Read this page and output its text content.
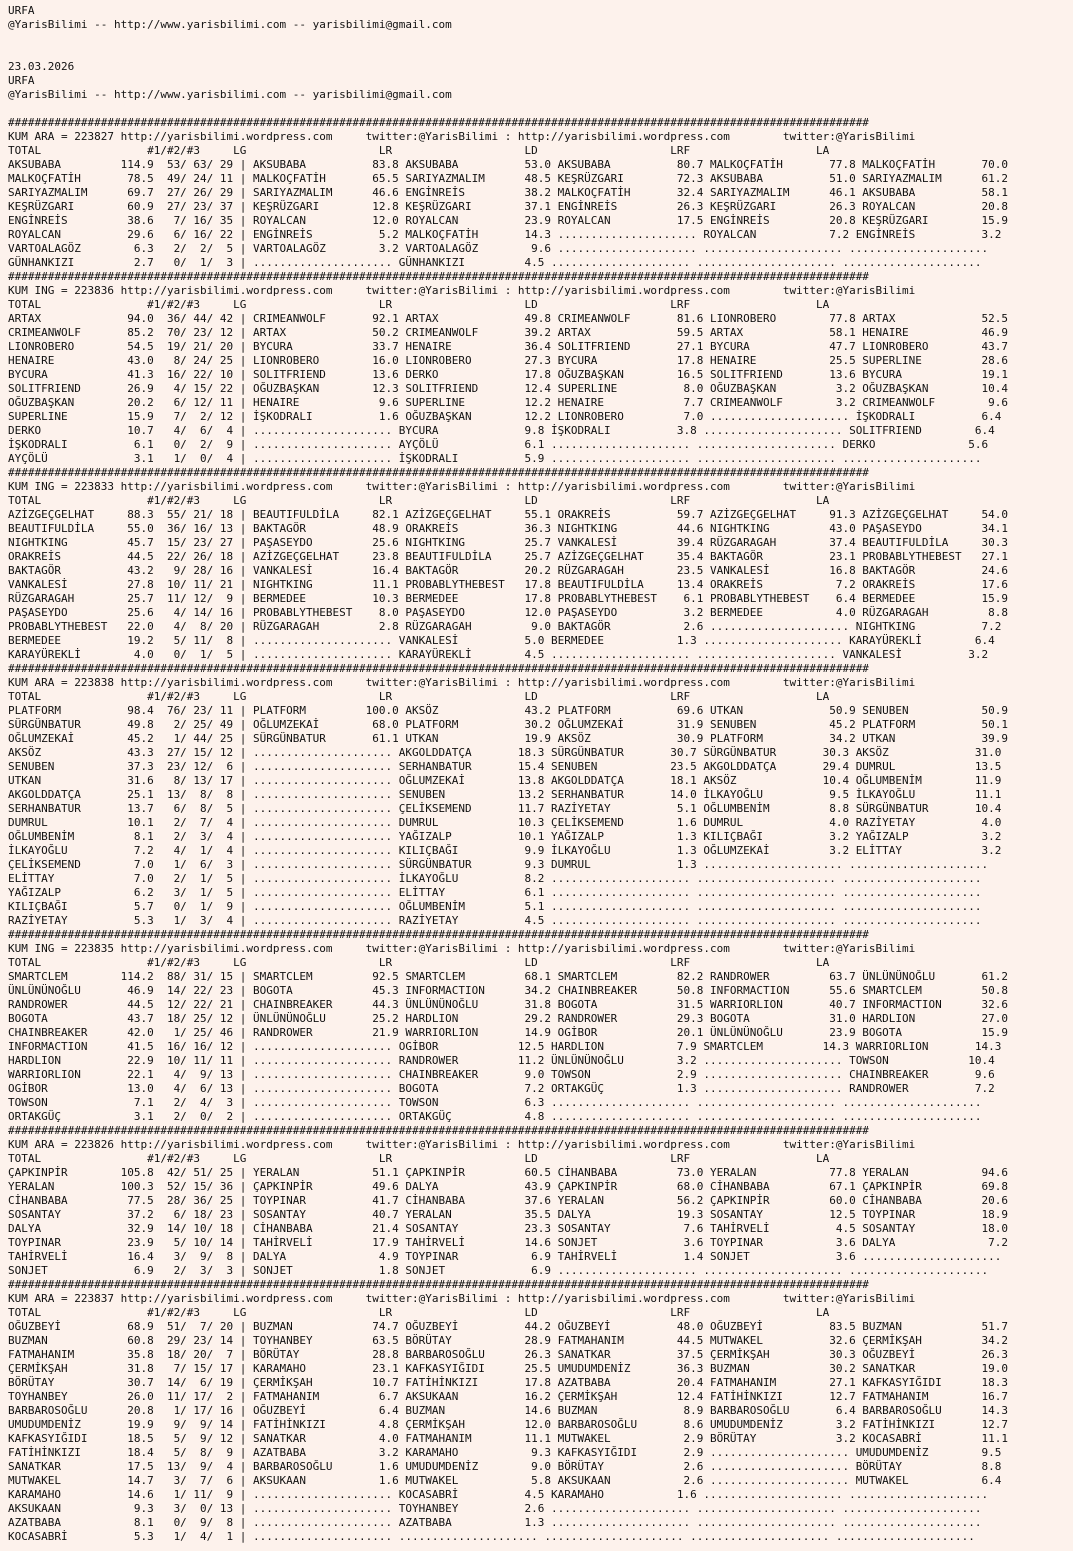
URFA
@YarisBilimi -- http://www.yarisbilimi.com -- yarisbilimi@gmail.com

23.03.2026
URFA
@YarisBilimi -- http://www.yarisbilimi.com -- yarisbilimi@gmail.com

##################################################################################################################################
KUM ARA = 223827 http://yarisbilimi.wordpress.com     twitter:@YarisBilimi : http://yarisbilimi.wordpress.com        twitter:@YarisBilimi
TOTAL                #1/#2/#3     LG                    LR                    LD                    LRF                   LA
AKSUBABA         114.9  53/ 63/ 29 | AKSUBABA          83.8 AKSUBABA          53.0 AKSUBABA          80.7 MALKOÇFATİH       77.8 MALKOÇFATİH       70.0
MALKOÇFATİH       78.5  49/ 24/ 11 | MALKOÇFATİH       65.5 SARIYAZMALIM      48.5 KEŞRÜZGARI        72.3 AKSUBABA          51.0 SARIYAZMALIM      61.2
SARIYAZMALIM      69.7  27/ 26/ 29 | SARIYAZMALIM      46.6 ENGİNREİS         38.2 MALKOÇFATİH       32.4 SARIYAZMALIM      46.1 AKSUBABA          58.1
KEŞRÜZGARI        60.9  27/ 23/ 37 | KEŞRÜZGARI        12.8 KEŞRÜZGARI        37.1 ENGİNREİS         26.3 KEŞRÜZGARI        26.3 ROYALCAN          20.8
ENGİNREİS         38.6   7/ 16/ 35 | ROYALCAN          12.0 ROYALCAN          23.9 ROYALCAN          17.5 ENGİNREİS         20.8 KEŞRÜZGARI        15.9
ROYALCAN          29.6   6/ 16/ 22 | ENGİNREİS          5.2 MALKOÇFATİH       14.3 ..................... ROYALCAN           7.2 ENGİNREİS          3.2
VARTOALAGÖZ        6.3   2/  2/  5 | VARTOALAGÖZ        3.2 VARTOALAGÖZ        9.6 ..................... ..................... .....................
GÜNHANKIZI         2.7   0/  1/  3 | ..................... GÜNHANKIZI         4.5 ..................... ..................... .....................
##################################################################################################################################
KUM ING = 223836 http://yarisbilimi.wordpress.com     twitter:@YarisBilimi : http://yarisbilimi.wordpress.com        twitter:@YarisBilimi
TOTAL                #1/#2/#3     LG                    LR                    LD                    LRF                   LA
ARTAX             94.0  36/ 44/ 42 | CRIMEANWOLF       92.1 ARTAX             49.8 CRIMEANWOLF       81.6 LIONROBERO        77.8 ARTAX             52.5
CRIMEANWOLF       85.2  70/ 23/ 12 | ARTAX             50.2 CRIMEANWOLF       39.2 ARTAX             59.5 ARTAX             58.1 HENAIRE           46.9
LIONROBERO        54.5  19/ 21/ 20 | BYCURA            33.7 HENAIRE           36.4 SOLITFRIEND       27.1 BYCURA            47.7 LIONROBERO        43.7
HENAIRE           43.0   8/ 24/ 25 | LIONROBERO        16.0 LIONROBERO        27.3 BYCURA            17.8 HENAIRE           25.5 SUPERLINE         28.6
BYCURA            41.3  16/ 22/ 10 | SOLITFRIEND       13.6 DERKO             17.8 OĞUZBAŞKAN        16.5 SOLITFRIEND       13.6 BYCURA            19.1
SOLITFRIEND       26.9   4/ 15/ 22 | OĞUZBAŞKAN        12.3 SOLITFRIEND       12.4 SUPERLINE          8.0 OĞUZBAŞKAN         3.2 OĞUZBAŞKAN        10.4
OĞUZBAŞKAN        20.2   6/ 12/ 11 | HENAIRE            9.6 SUPERLINE         12.2 HENAIRE            7.7 CRIMEANWOLF        3.2 CRIMEANWOLF        9.6
SUPERLINE         15.9   7/  2/ 12 | İŞKODRALI          1.6 OĞUZBAŞKAN        12.2 LIONROBERO         7.0 ..................... İŞKODRALI          6.4
DERKO             10.7   4/  6/  4 | ..................... BYCURA             9.8 İŞKODRALI          3.8 ..................... SOLITFRIEND        6.4
İŞKODRALI          6.1   0/  2/  9 | ..................... AYÇÖLÜ             6.1 ..................... ..................... DERKO              5.6
AYÇÖLÜ             3.1   1/  0/  4 | ..................... İŞKODRALI          5.9 ..................... ..................... .....................
##################################################################################################################################
KUM ING = 223833 http://yarisbilimi.wordpress.com     twitter:@YarisBilimi : http://yarisbilimi.wordpress.com        twitter:@YarisBilimi
TOTAL                #1/#2/#3     LG                    LR                    LD                    LRF                   LA
AZİZGEÇGELHAT     88.3  55/ 21/ 18 | BEAUTIFULDİLA     82.1 AZİZGEÇGELHAT     55.1 ORAKREİS          59.7 AZİZGEÇGELHAT     91.3 AZİZGEÇGELHAT     54.0
BEAUTIFULDİLA     55.0  36/ 16/ 13 | BAKTAGÖR          48.9 ORAKREİS          36.3 NIGHTKING         44.6 NIGHTKING         43.0 PAŞASEYDO         34.1
NIGHTKING         45.7  15/ 23/ 27 | PAŞASEYDO         25.6 NIGHTKING         25.7 VANKALESİ         39.4 RÜZGARAGAH        37.4 BEAUTIFULDİLA     30.3
ORAKREİS          44.5  22/ 26/ 18 | AZİZGEÇGELHAT     23.8 BEAUTIFULDİLA     25.7 AZİZGEÇGELHAT     35.4 BAKTAGÖR          23.1 PROBABLYTHEBEST   27.1
BAKTAGÖR          43.2   9/ 28/ 16 | VANKALESİ         16.4 BAKTAGÖR          20.2 RÜZGARAGAH        23.5 VANKALESİ         16.8 BAKTAGÖR          24.6
VANKALESİ         27.8  10/ 11/ 21 | NIGHTKING         11.1 PROBABLYTHEBEST   17.8 BEAUTIFULDİLA     13.4 ORAKREİS           7.2 ORAKREİS          17.6
RÜZGARAGAH        25.7  11/ 12/  9 | BERMEDEE          10.3 BERMEDEE          17.8 PROBABLYTHEBEST    6.1 PROBABLYTHEBEST    6.4 BERMEDEE          15.9
PAŞASEYDO         25.6   4/ 14/ 16 | PROBABLYTHEBEST    8.0 PAŞASEYDO         12.0 PAŞASEYDO          3.2 BERMEDEE           4.0 RÜZGARAGAH         8.8
PROBABLYTHEBEST   22.0   4/  8/ 20 | RÜZGARAGAH         2.8 RÜZGARAGAH         9.0 BAKTAGÖR           2.6 ..................... NIGHTKING          7.2
BERMEDEE          19.2   5/ 11/  8 | ..................... VANKALESİ          5.0 BERMEDEE           1.3 ..................... KARAYÜREKLİ        6.4
KARAYÜREKLİ        4.0   0/  1/  5 | ..................... KARAYÜREKLİ        4.5 ..................... ..................... VANKALESİ          3.2
##################################################################################################################################
KUM ARA = 223838 http://yarisbilimi.wordpress.com     twitter:@YarisBilimi : http://yarisbilimi.wordpress.com        twitter:@YarisBilimi
TOTAL                #1/#2/#3     LG                    LR                    LD                    LRF                   LA
PLATFORM          98.4  76/ 23/ 11 | PLATFORM         100.0 AKSÖZ             43.2 PLATFORM          69.6 UTKAN             50.9 SENUBEN           50.9
SÜRGÜNBATUR       49.8   2/ 25/ 49 | OĞLUMZEKAİ        68.0 PLATFORM          30.2 OĞLUMZEKAİ        31.9 SENUBEN           45.2 PLATFORM          50.1
OĞLUMZEKAİ        45.2   1/ 44/ 25 | SÜRGÜNBATUR       61.1 UTKAN             19.9 AKSÖZ             30.9 PLATFORM          34.2 UTKAN             39.9
AKSÖZ             43.3  27/ 15/ 12 | ..................... AKGOLDDATÇA       18.3 SÜRGÜNBATUR       30.7 SÜRGÜNBATUR       30.3 AKSÖZ             31.0
SENUBEN           37.3  23/ 12/  6 | ..................... SERHANBATUR       15.4 SENUBEN           23.5 AKGOLDDATÇA       29.4 DUMRUL            13.5
UTKAN             31.6   8/ 13/ 17 | ..................... OĞLUMZEKAİ        13.8 AKGOLDDATÇA       18.1 AKSÖZ             10.4 OĞLUMBENİM        11.9
AKGOLDDATÇA       25.1  13/  8/  8 | ..................... SENUBEN           13.2 SERHANBATUR       14.0 İLKAYOĞLU          9.5 İLKAYOĞLU         11.1
SERHANBATUR       13.7   6/  8/  5 | ..................... ÇELİKSEMEND       11.7 RAZİYETAY          5.1 OĞLUMBENİM         8.8 SÜRGÜNBATUR       10.4
DUMRUL            10.1   2/  7/  4 | ..................... DUMRUL            10.3 ÇELİKSEMEND        1.6 DUMRUL             4.0 RAZİYETAY          4.0
OĞLUMBENİM         8.1   2/  3/  4 | ..................... YAĞIZALP          10.1 YAĞIZALP           1.3 KILIÇBAĞI          3.2 YAĞIZALP           3.2
İLKAYOĞLU          7.2   4/  1/  4 | ..................... KILIÇBAĞI          9.9 İLKAYOĞLU          1.3 OĞLUMZEKAİ         3.2 ELİTTAY            3.2
ÇELİKSEMEND        7.0   1/  6/  3 | ..................... SÜRGÜNBATUR        9.3 DUMRUL             1.3 ..................... .....................
ELİTTAY            7.0   2/  1/  5 | ..................... İLKAYOĞLU          8.2 ..................... ..................... .....................
YAĞIZALP           6.2   3/  1/  5 | ..................... ELİTTAY            6.1 ..................... ..................... .....................
KILIÇBAĞI          5.7   0/  1/  9 | ..................... OĞLUMBENİM         5.1 ..................... ..................... .....................
RAZİYETAY          5.3   1/  3/  4 | ..................... RAZİYETAY          4.5 ..................... ..................... .....................
##################################################################################################################################
KUM ING = 223835 http://yarisbilimi.wordpress.com     twitter:@YarisBilimi : http://yarisbilimi.wordpress.com        twitter:@YarisBilimi
TOTAL                #1/#2/#3     LG                    LR                    LD                    LRF                   LA
SMARTCLEM        114.2  88/ 31/ 15 | SMARTCLEM         92.5 SMARTCLEM         68.1 SMARTCLEM         82.2 RANDROWER         63.7 ÜNLÜNÜNOĞLU       61.2
ÜNLÜNÜNOĞLU       46.9  14/ 22/ 23 | BOGOTA            45.3 INFORMACTION      34.2 CHAINBREAKER      50.8 INFORMACTION      55.6 SMARTCLEM         50.8
RANDROWER         44.5  12/ 22/ 21 | CHAINBREAKER      44.3 ÜNLÜNÜNOĞLU       31.8 BOGOTA            31.5 WARRIORLION       40.7 INFORMACTION      32.6
BOGOTA            43.7  18/ 25/ 12 | ÜNLÜNÜNOĞLU       25.2 HARDLION          29.2 RANDROWER         29.3 BOGOTA            31.0 HARDLION          27.0
CHAINBREAKER      42.0   1/ 25/ 46 | RANDROWER         21.9 WARRIORLION       14.9 OGİBOR            20.1 ÜNLÜNÜNOĞLU       23.9 BOGOTA            15.9
INFORMACTION      41.5  16/ 16/ 12 | ..................... OGİBOR            12.5 HARDLION           7.9 SMARTCLEM         14.3 WARRIORLION       14.3
HARDLION          22.9  10/ 11/ 11 | ..................... RANDROWER         11.2 ÜNLÜNÜNOĞLU        3.2 ..................... TOWSON            10.4
WARRIORLION       22.1   4/  9/ 13 | ..................... CHAINBREAKER       9.0 TOWSON             2.9 ..................... CHAINBREAKER       9.6
OGİBOR            13.0   4/  6/ 13 | ..................... BOGOTA             7.2 ORTAKGÜÇ           1.3 ..................... RANDROWER          7.2
TOWSON             7.1   2/  4/  3 | ..................... TOWSON             6.3 ..................... ..................... .....................
ORTAKGÜÇ           3.1   2/  0/  2 | ..................... ORTAKGÜÇ           4.8 ..................... ..................... .....................
##################################################################################################################################
KUM ARA = 223826 http://yarisbilimi.wordpress.com     twitter:@YarisBilimi : http://yarisbilimi.wordpress.com        twitter:@YarisBilimi
TOTAL                #1/#2/#3     LG                    LR                    LD                    LRF                   LA
ÇAPKINPİR        105.8  42/ 51/ 25 | YERALAN           51.1 ÇAPKINPİR         60.5 CİHANBABA         73.0 YERALAN           77.8 YERALAN           94.6
YERALAN          100.3  52/ 15/ 36 | ÇAPKINPİR         49.6 DALYA             43.9 ÇAPKINPİR         68.0 CİHANBABA         67.1 ÇAPKINPİR         69.8
CİHANBABA         77.5  28/ 36/ 25 | TOYPINAR          41.7 CİHANBABA         37.6 YERALAN           56.2 ÇAPKINPİR         60.0 CİHANBABA         20.6
SOSANTAY          37.2   6/ 18/ 23 | SOSANTAY          40.7 YERALAN           35.5 DALYA             19.3 SOSANTAY          12.5 TOYPINAR          18.9
DALYA             32.9  14/ 10/ 18 | CİHANBABA         21.4 SOSANTAY          23.3 SOSANTAY           7.6 TAHİRVELİ          4.5 SOSANTAY          18.0
TOYPINAR          23.9   5/ 10/ 14 | TAHİRVELİ         17.9 TAHİRVELİ         14.6 SONJET             3.6 TOYPINAR           3.6 DALYA              7.2
TAHİRVELİ         16.4   3/  9/  8 | DALYA              4.9 TOYPINAR           6.9 TAHİRVELİ          1.4 SONJET             3.6 .....................
SONJET             6.9   2/  3/  3 | SONJET             1.8 SONJET             6.9 ..................... ..................... .....................
##################################################################################################################################
KUM ARA = 223837 http://yarisbilimi.wordpress.com     twitter:@YarisBilimi : http://yarisbilimi.wordpress.com        twitter:@YarisBilimi
TOTAL                #1/#2/#3     LG                    LR                    LD                    LRF                   LA
OĞUZBEYİ          68.9  51/  7/ 20 | BUZMAN            74.7 OĞUZBEYİ          44.2 OĞUZBEYİ          48.0 OĞUZBEYİ          83.5 BUZMAN            51.7
BUZMAN            60.8  29/ 23/ 14 | TOYHANBEY         63.5 BÖRÜTAY           28.9 FATMAHANIM        44.5 MUTWAKEL          32.6 ÇERMİKŞAH         34.2
FATMAHANIM        35.8  18/ 20/  7 | BÖRÜTAY           28.8 BARBAROSOĞLU      26.3 SANATKAR          37.5 ÇERMİKŞAH         30.3 OĞUZBEYİ          26.3
ÇERMİKŞAH         31.8   7/ 15/ 17 | KARAMAHO          23.1 KAFKASYIĞIDI      25.5 UMUDUMDENİZ       36.3 BUZMAN            30.2 SANATKAR          19.0
BÖRÜTAY           30.7  14/  6/ 19 | ÇERMİKŞAH         10.7 FATİHİNKIZI       17.8 AZATBABA          20.4 FATMAHANIM        27.1 KAFKASYIĞIDI      18.3
TOYHANBEY         26.0  11/ 17/  2 | FATMAHANIM         6.7 AKSUKAAN          16.2 ÇERMİKŞAH         12.4 FATİHİNKIZI       12.7 FATMAHANIM        16.7
BARBAROSOĞLU      20.8   1/ 17/ 16 | OĞUZBEYİ           6.4 BUZMAN            14.6 BUZMAN             8.9 BARBAROSOĞLU       6.4 BARBAROSOĞLU      14.3
UMUDUMDENİZ       19.9   9/  9/ 14 | FATİHİNKIZI        4.8 ÇERMİKŞAH         12.0 BARBAROSOĞLU       8.6 UMUDUMDENİZ        3.2 FATİHİNKIZI       12.7
KAFKASYIĞIDI      18.5   5/  9/ 12 | SANATKAR           4.0 FATMAHANIM        11.1 MUTWAKEL           2.9 BÖRÜTAY            3.2 KOCASABRİ         11.1
FATİHİNKIZI       18.4   5/  8/  9 | AZATBABA           3.2 KARAMAHO           9.3 KAFKASYIĞIDI       2.9 ..................... UMUDUMDENİZ        9.5
SANATKAR          17.5  13/  9/  4 | BARBAROSOĞLU       1.6 UMUDUMDENİZ        9.0 BÖRÜTAY            2.6 ..................... BÖRÜTAY            8.8
MUTWAKEL          14.7   3/  7/  6 | AKSUKAAN           1.6 MUTWAKEL           5.8 AKSUKAAN           2.6 ..................... MUTWAKEL           6.4
KARAMAHO          14.6   1/ 11/  9 | ..................... KOCASABRİ          4.5 KARAMAHO           1.6 ..................... .....................
AKSUKAAN           9.3   3/  0/ 13 | ..................... TOYHANBEY          2.6 ..................... ..................... .....................
AZATBABA           8.1   0/  9/  8 | ..................... AZATBABA           1.3 ..................... ..................... .....................
KOCASABRİ          5.3   1/  4/  1 | ..................... ..................... ..................... ..................... .....................
